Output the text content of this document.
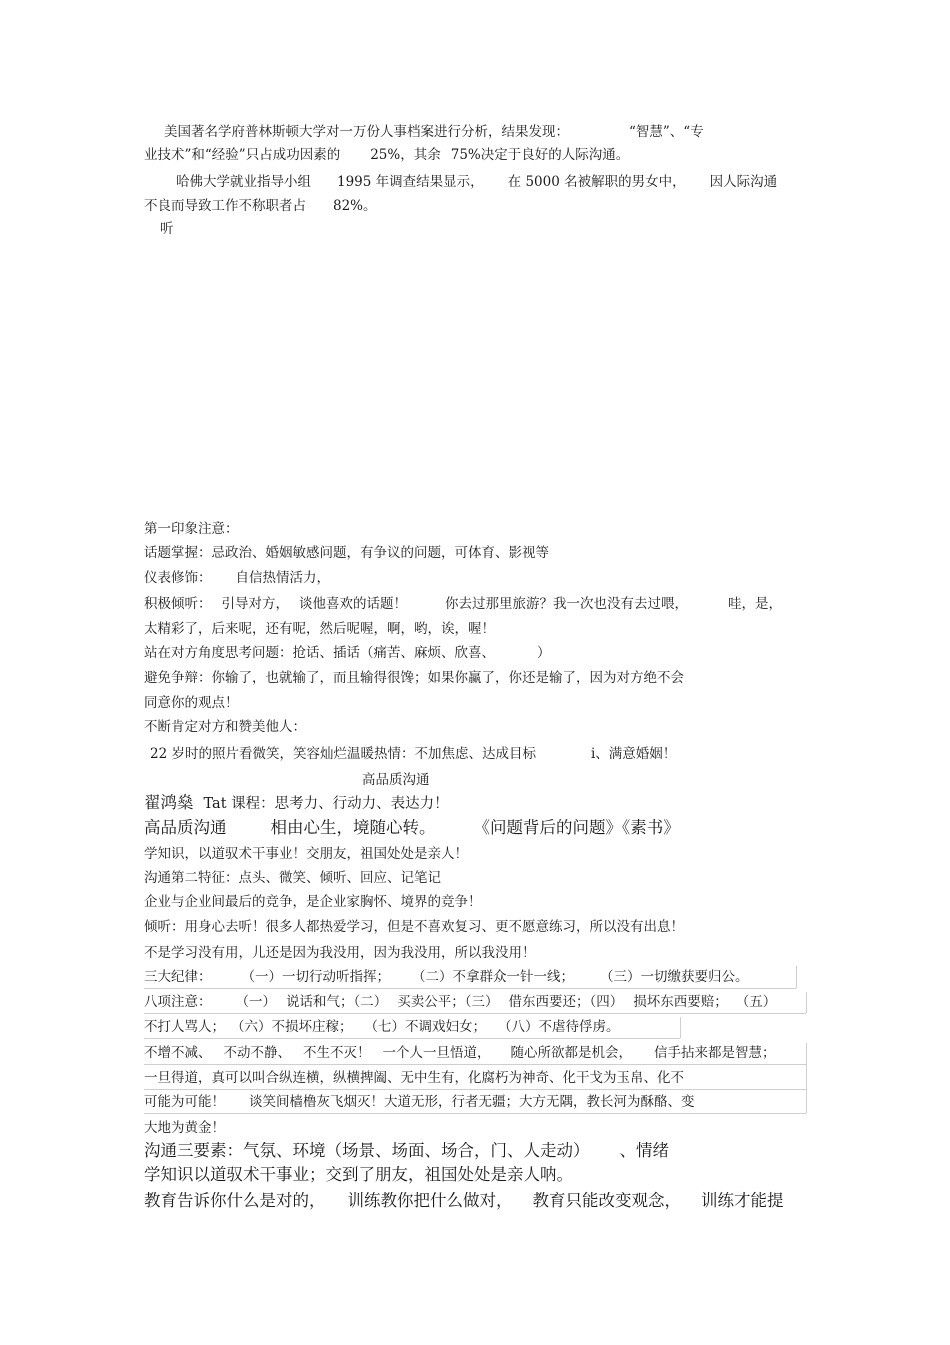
美国著名学府普林斯顿大学对一万份人事档案进行分析，结果发现：	“智慧”、“专
业技术”和“经验”只占成功因素的 25%，其余 75%决定于良好的人际沟通。
哈佛大学就业指导小组 1995 年调查结果显示， 在 5000 名被解职的男女中， 因人际沟通
不良而导致工作不称职者占　　82%。
听
第一印象注意：
话题掌握：忌政治、婚姻敏感问题，有争议的问题，可体育、影视等
仪表修饰： 自信热情活力，
积极倾听： 引导对方， 谈他喜欢的话题！	你去过那里旅游？我一次也没有去过喂，	哇，是，
太精彩了，后来呢，还有呢，然后呢喔，啊，哟，诶，喔！
站在对方角度思考问题：抢话、插话（痛苦、麻烦、欣喜、	）
避免争辩：你输了，也就输了，而且输得很馋；如果你赢了，你还是输了，因为对方绝不会
同意你的观点！
不断肯定对方和赞美他人：
22 岁时的照片看微笑，笑容灿烂温暖热情：不加焦虑、达成目标	i、满意婚姻！
高品质沟通
翟鸿燊 Tat 课程：思考力、行动力、表达力！
高品质沟通	相由心生，境随心转。 《问题背后的问题》《素书》
学知识，以道驭术干事业！交朋友，祖国处处是亲人！
沟通第二特征：点头、微笑、倾听、回应、记笔记
企业与企业间最后的竞争，是企业家胸怀、境界的竞争！
倾听：用身心去听！很多人都热爱学习，但是不喜欢复习、更不愿意练习，所以没有出息！
不是学习没有用，儿还是因为我没用，因为我没用，所以我没用！
三大纪律： （一）一切行动听指挥； （二）不拿群众一针一线； （三）一切缴获要归公。
八项注意： （一） 说话和气；（二） 买卖公平；（三） 借东西要还；（四） 损坏东西要赔； （五）
不打人骂人； （六）不损坏庄稼； （七）不调戏妇女； （八）不虐待俘虏。
不增不减、 不动不静、 不生不灭！ 一个人一旦悟道， 随心所欲都是机会， 信手拈来都是智慧；
一旦得道，真可以叫合纵连横，纵横捭阖、无中生有，化腐朽为神奇、化干戈为玉帛、化不
可能为可能！ 谈笑间樯橹灰飞烟灭！大道无形，行者无疆；大方无隅，教长河为酥酪、变
大地为黄金！
沟通三要素：气氛、环境（场景、场面、场合，门、人走动） 、情绪
学知识以道驭术干事业；交到了朋友，祖国处处是亲人呐。
教育告诉你什么是对的， 训练教你把什么做对， 教育只能改变观念， 训练才能提
